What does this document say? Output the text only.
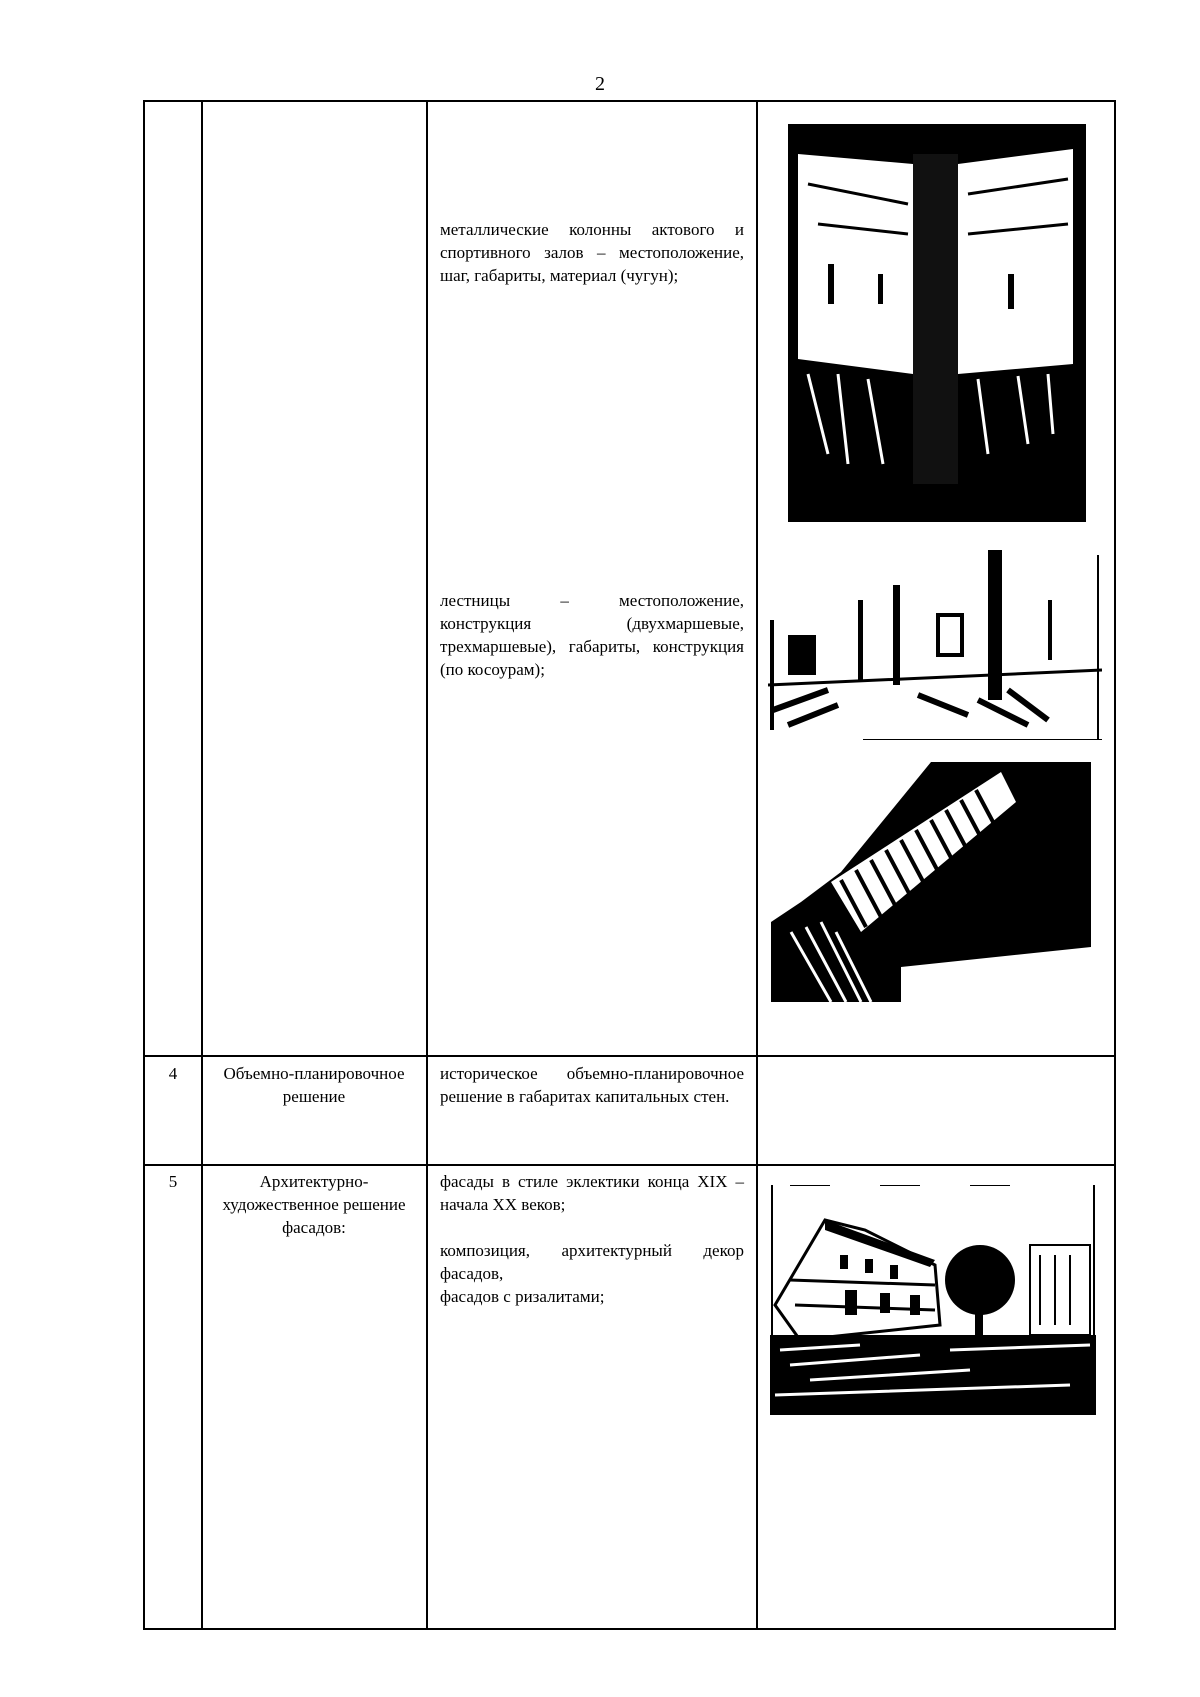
2
металлические колонны актового и спортивного залов – местоположение, шаг, габариты, материал (чугун);
лестницы – местоположение, конструкция (двухмаршевые, трехмаршевые), габариты, конструкция (по косоурам);
4	Объемно-планировочное решение
историческое объемно-планировочное решение в габаритах капитальных стен.
5	Архитектурно-художественное решение фасадов:
фасады в стиле эклектики конца XIX – начала XX веков;
композиция, архитектурный декор фасадов,
фасадов с ризалитами;
